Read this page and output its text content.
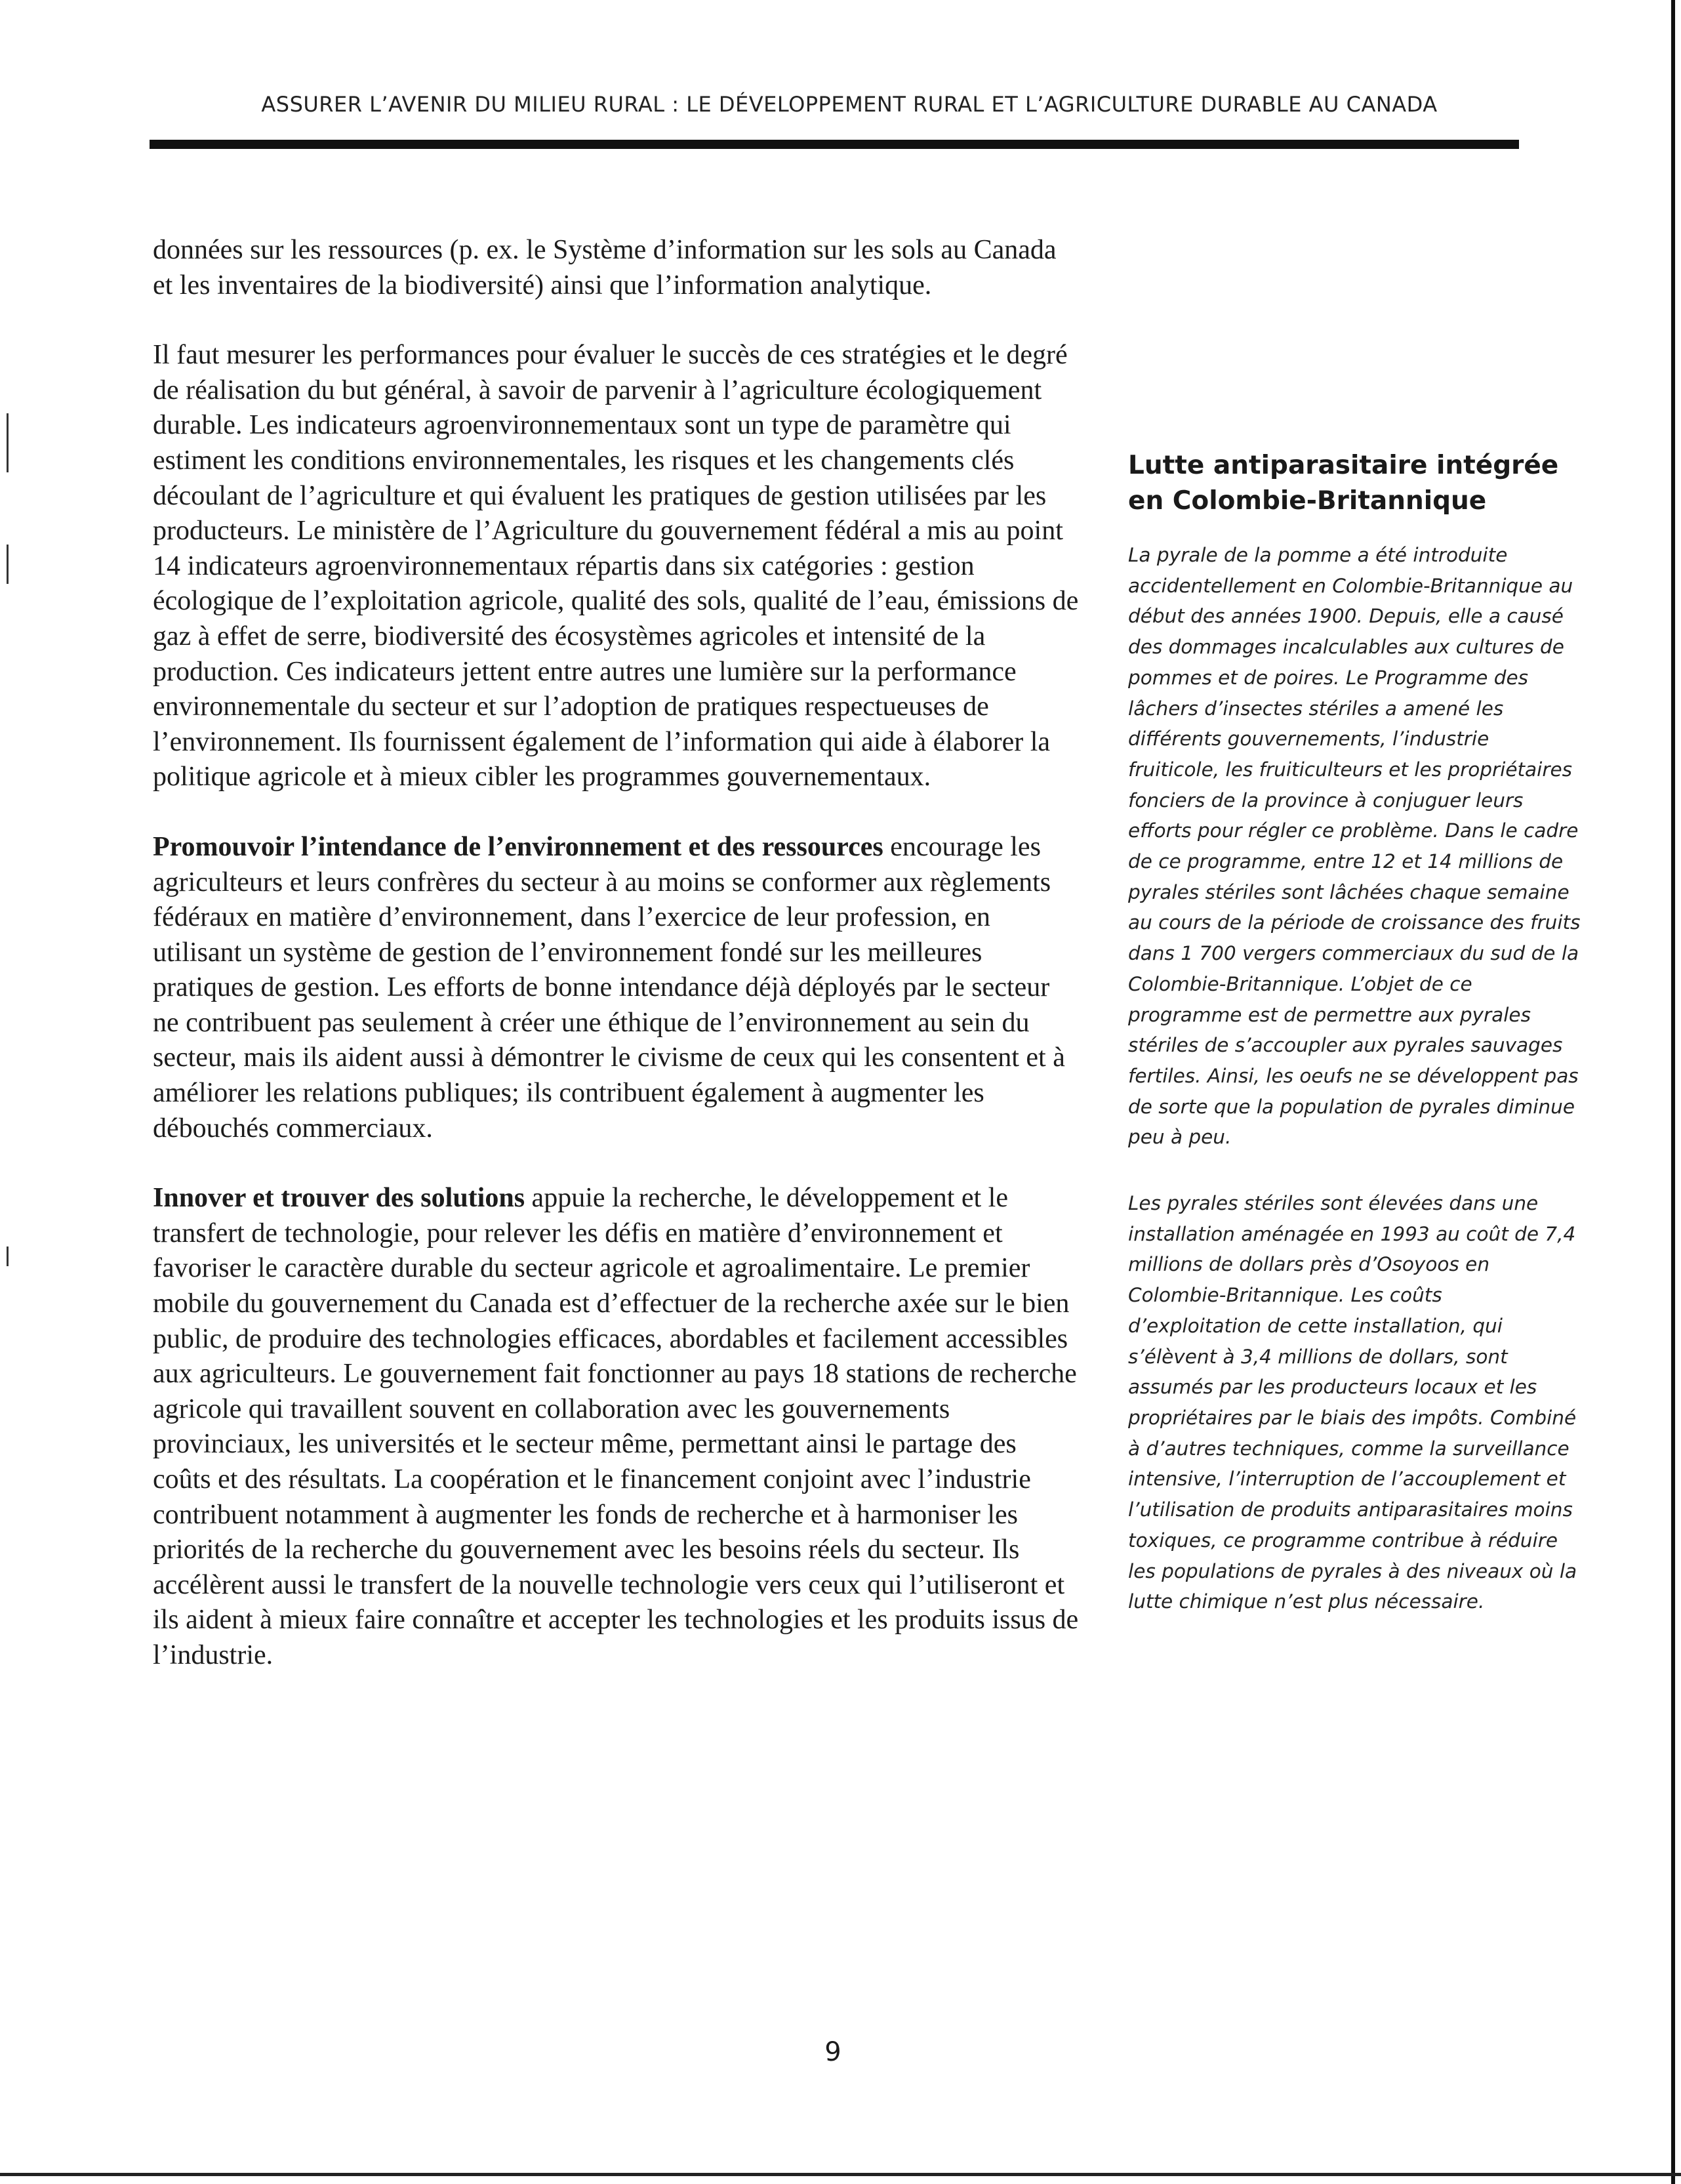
ASSURER L’AVENIR DU MILIEU RURAL : LE DÉVELOPPEMENT RURAL ET L’AGRICULTURE DURABLE AU CANADA

données sur les ressources (p. ex. le Système d’information sur les sols au Canada et les inventaires de la biodiversité) ainsi que l’information analytique.

Il faut mesurer les performances pour évaluer le succès de ces stratégies et le degré de réalisation du but général, à savoir de parvenir à l’agriculture écologiquement durable. Les indicateurs agroenvironnementaux sont un type de paramètre qui estiment les conditions environnementales, les risques et les changements clés découlant de l’agriculture et qui évaluent les pratiques de gestion utilisées par les producteurs. Le ministère de l’Agriculture du gouvernement fédéral a mis au point 14 indicateurs agroenvironnementaux répartis dans six catégories : gestion écologique de l’exploitation agricole, qualité des sols, qualité de l’eau, émissions de gaz à effet de serre, biodiversité des écosystèmes agricoles et intensité de la production. Ces indicateurs jettent entre autres une lumière sur la performance environnementale du secteur et sur l’adoption de pratiques respectueuses de l’environnement. Ils fournissent également de l’information qui aide à élaborer la politique agricole et à mieux cibler les programmes gouvernementaux.

Promouvoir l’intendance de l’environnement et des ressources encourage les agriculteurs et leurs confrères du secteur à au moins se conformer aux règlements fédéraux en matière d’environnement, dans l’exercice de leur profession, en utilisant un système de gestion de l’environnement fondé sur les meilleures pratiques de gestion. Les efforts de bonne intendance déjà déployés par le secteur ne contribuent pas seulement à créer une éthique de l’environnement au sein du secteur, mais ils aident aussi à démontrer le civisme de ceux qui les consentent et à améliorer les relations publiques; ils contribuent également à augmenter les débouchés commerciaux.

Innover et trouver des solutions appuie la recherche, le développement et le transfert de technologie, pour relever les défis en matière d’environnement et favoriser le caractère durable du secteur agricole et agroalimentaire. Le premier mobile du gouvernement du Canada est d’effectuer de la recherche axée sur le bien public, de produire des technologies efficaces, abordables et facilement accessibles aux agriculteurs. Le gouvernement fait fonctionner au pays 18 stations de recherche agricole qui travaillent souvent en collaboration avec les gouvernements provinciaux, les universités et le secteur même, permettant ainsi le partage des coûts et des résultats. La coopération et le financement conjoint avec l’industrie contribuent notamment à augmenter les fonds de recherche et à harmoniser les priorités de la recherche du gouvernement avec les besoins réels du secteur. Ils accélèrent aussi le transfert de la nouvelle technologie vers ceux qui l’utiliseront et ils aident à mieux faire connaître et accepter les technologies et les produits issus de l’industrie.

Lutte antiparasitaire intégrée en Colombie-Britannique

La pyrale de la pomme a été introduite accidentellement en Colombie-Britannique au début des années 1900. Depuis, elle a causé des dommages incalculables aux cultures de pommes et de poires. Le Programme des lâchers d’insectes stériles a amené les différents gouvernements, l’industrie fruiticole, les fruiticulteurs et les propriétaires fonciers de la province à conjuguer leurs efforts pour régler ce problème. Dans le cadre de ce programme, entre 12 et 14 millions de pyrales stériles sont lâchées chaque semaine au cours de la période de croissance des fruits dans 1 700 vergers commerciaux du sud de la Colombie-Britannique. L’objet de ce programme est de permettre aux pyrales stériles de s’accoupler aux pyrales sauvages fertiles. Ainsi, les oeufs ne se développent pas de sorte que la population de pyrales diminue peu à peu.

Les pyrales stériles sont élevées dans une installation aménagée en 1993 au coût de 7,4 millions de dollars près d’Osoyoos en Colombie-Britannique. Les coûts d’exploitation de cette installation, qui s’élèvent à 3,4 millions de dollars, sont assumés par les producteurs locaux et les propriétaires par le biais des impôts. Combiné à d’autres techniques, comme la surveillance intensive, l’interruption de l’accouplement et l’utilisation de produits antiparasitaires moins toxiques, ce programme contribue à réduire les populations de pyrales à des niveaux où la lutte chimique n’est plus nécessaire.

9
